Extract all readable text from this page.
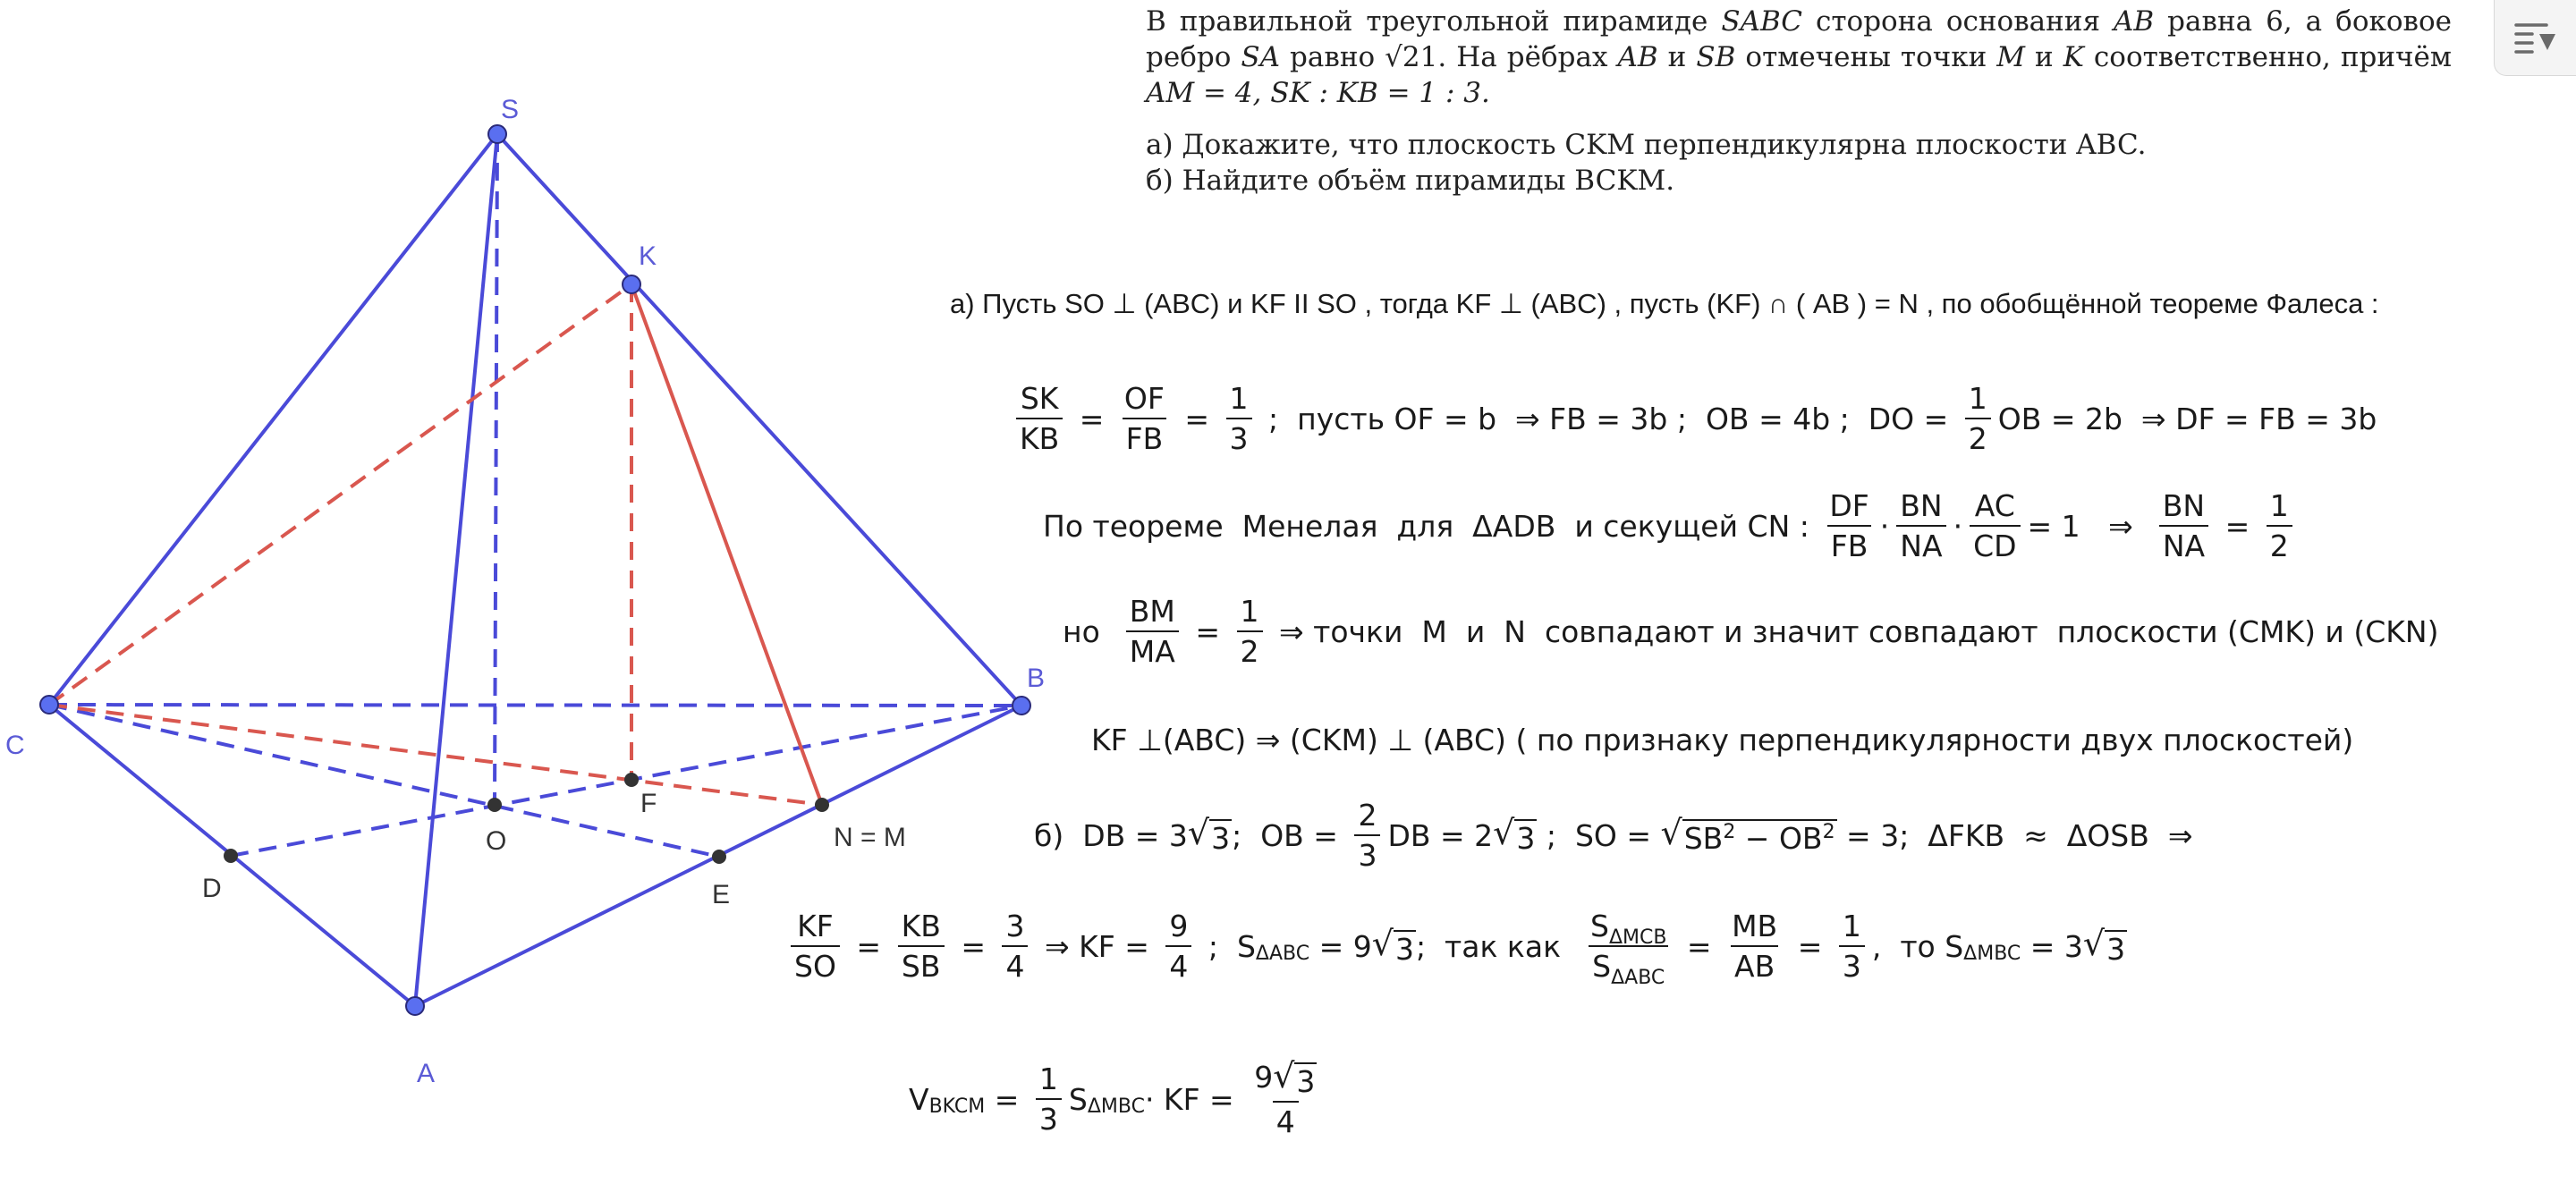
S
K
C
B
A
O
F
D	E
N = M

В правильной треугольной пирамиде SABC сторона основания AB равна 6, а боковое ребро SA равно √21. На рёбрах AB и SB отмечены точки M и K соответственно, причём AM = 4, SK : KB = 1 : 3.

а) Докажите, что плоскость CKM перпендикулярна плоскости ABC.

б) Найдите объём пирамиды BCKM.

а) Пусть SO ⊥ (ABC) и KF II SO , тогда KF ⊥ (ABC) , пусть (KF) ∩ ( AB ) = N , по обобщённой теореме Фалеса :
$\frac{SK}{KB} = \frac{OF}{FB} = \frac{1}{3}$ ;  пусть OF = b  ⇒ FB = 3b ;  OB = 4b ;  DO = $\frac{1}{2}$ OB = 2b  ⇒ DF = FB = 3b
По теореме  Менелая  для  ΔADB  и секущей CN : $\frac{DF}{FB} \cdot \frac{BN}{NA} \cdot \frac{AC}{CD} = 1$   ⇒ $\frac{BN}{NA} = \frac{1}{2}$
но $\frac{BM}{MA} = \frac{1}{2}$ ⇒ точки  M  и  N  совпадают и значит совпадают  плоскости (CMK) и (CKN)
KF ⊥(ABC) ⇒ (CKM) ⊥ (ABC) ( по признаку перпендикулярности двух плоскостей)
б)  DB = 3 √ 3 ;  OB = $\frac{2}{3}$ DB = 2 √ 3 ;  SO = √ $SB^2 - OB^2 = 3$;  ΔFKB  ≈  ΔOSB  ⇒
$\frac{KF}{SO} = \frac{KB}{SB} = \frac{3}{4}$ ⇒ KF = $\frac{9}{4}$ ;  S ΔABC = 9 √ 3 ;  так как $\frac{S_{\Delta MCB}}{S_{\Delta ABC}} = \frac{MB}{AB} = \frac{1}{3}$ ,  то S ΔMBC = 3 √ 3
V BKCM = $\frac{1}{3}$ S ΔMBC · KF = $\frac{9 √ 3}{4}$
